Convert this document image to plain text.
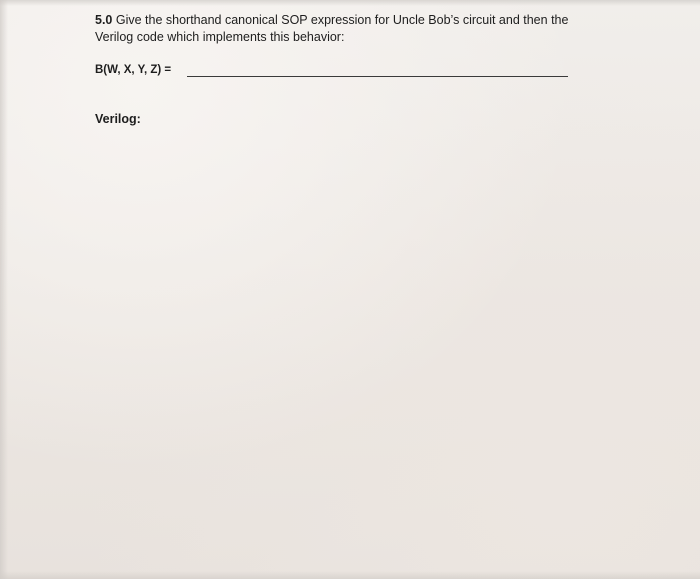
5.0 Give the shorthand canonical SOP expression for Uncle Bob’s circuit and then the Verilog code which implements this behavior:
B(W, X, Y, Z) =
Verilog:
